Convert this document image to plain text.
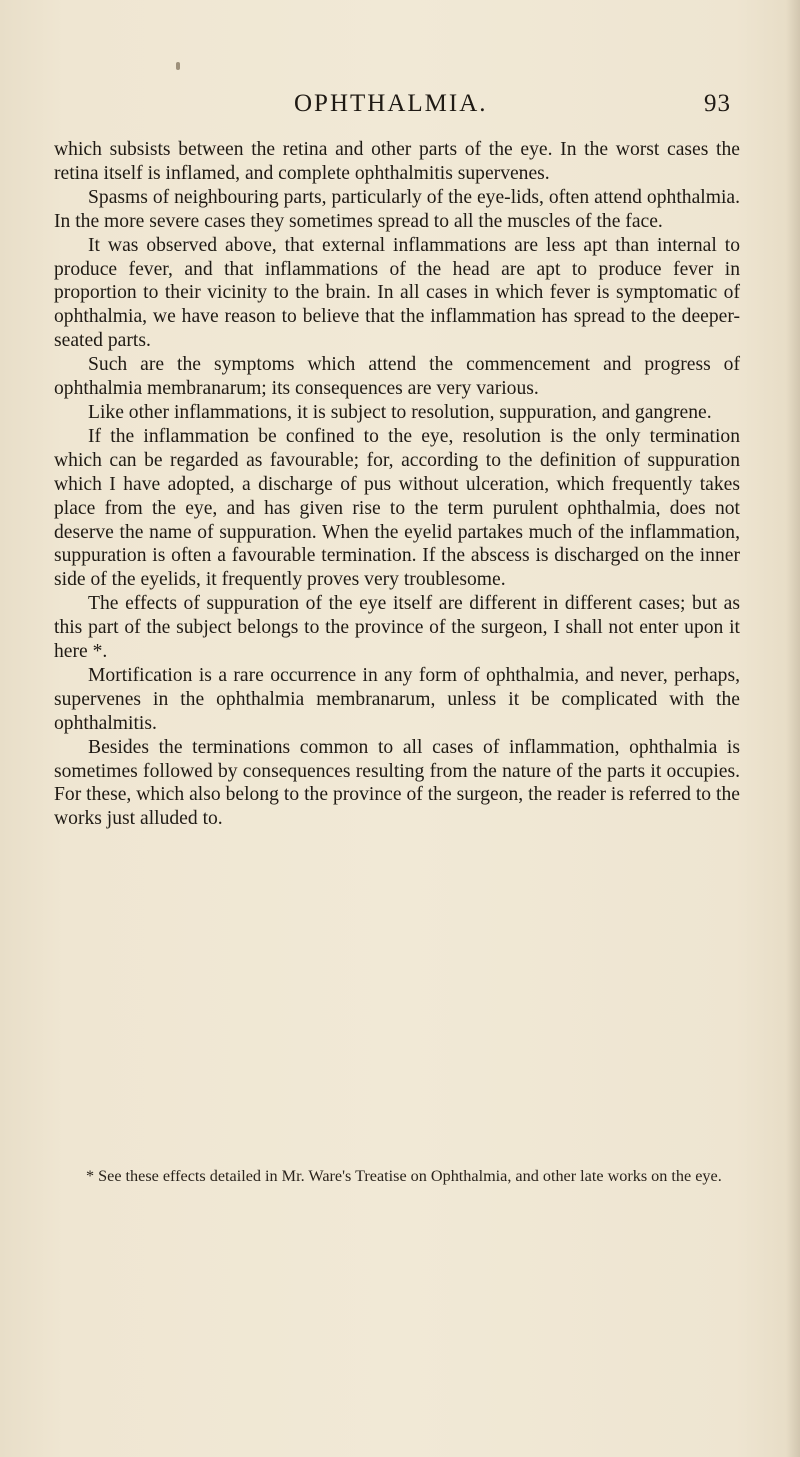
OPHTHALMIA.	93

which subsists between the retina and other parts of the eye. In the worst cases the retina itself is inflamed, and complete ophthalmitis supervenes.

Spasms of neighbouring parts, particularly of the eye-lids, often attend ophthalmia. In the more severe cases they sometimes spread to all the muscles of the face.

It was observed above, that external inflammations are less apt than internal to produce fever, and that inflammations of the head are apt to produce fever in proportion to their vicinity to the brain. In all cases in which fever is symptomatic of ophthalmia, we have reason to believe that the inflammation has spread to the deeper-seated parts.

Such are the symptoms which attend the commencement and progress of ophthalmia membranarum; its consequences are very various.

Like other inflammations, it is subject to resolution, suppuration, and gangrene.

If the inflammation be confined to the eye, resolution is the only termination which can be regarded as favourable; for, according to the definition of suppuration which I have adopted, a discharge of pus without ulceration, which frequently takes place from the eye, and has given rise to the term purulent ophthalmia, does not deserve the name of suppuration. When the eyelid partakes much of the inflammation, suppuration is often a favourable termination. If the abscess is discharged on the inner side of the eyelids, it frequently proves very troublesome.

The effects of suppuration of the eye itself are different in different cases; but as this part of the subject belongs to the province of the surgeon, I shall not enter upon it here *.

Mortification is a rare occurrence in any form of ophthalmia, and never, perhaps, supervenes in the ophthalmia membranarum, unless it be complicated with the ophthalmitis.

Besides the terminations common to all cases of inflammation, ophthalmia is sometimes followed by consequences resulting from the nature of the parts it occupies. For these, which also belong to the province of the surgeon, the reader is referred to the works just alluded to.

* See these effects detailed in Mr. Ware's Treatise on Ophthalmia, and other late works on the eye.
